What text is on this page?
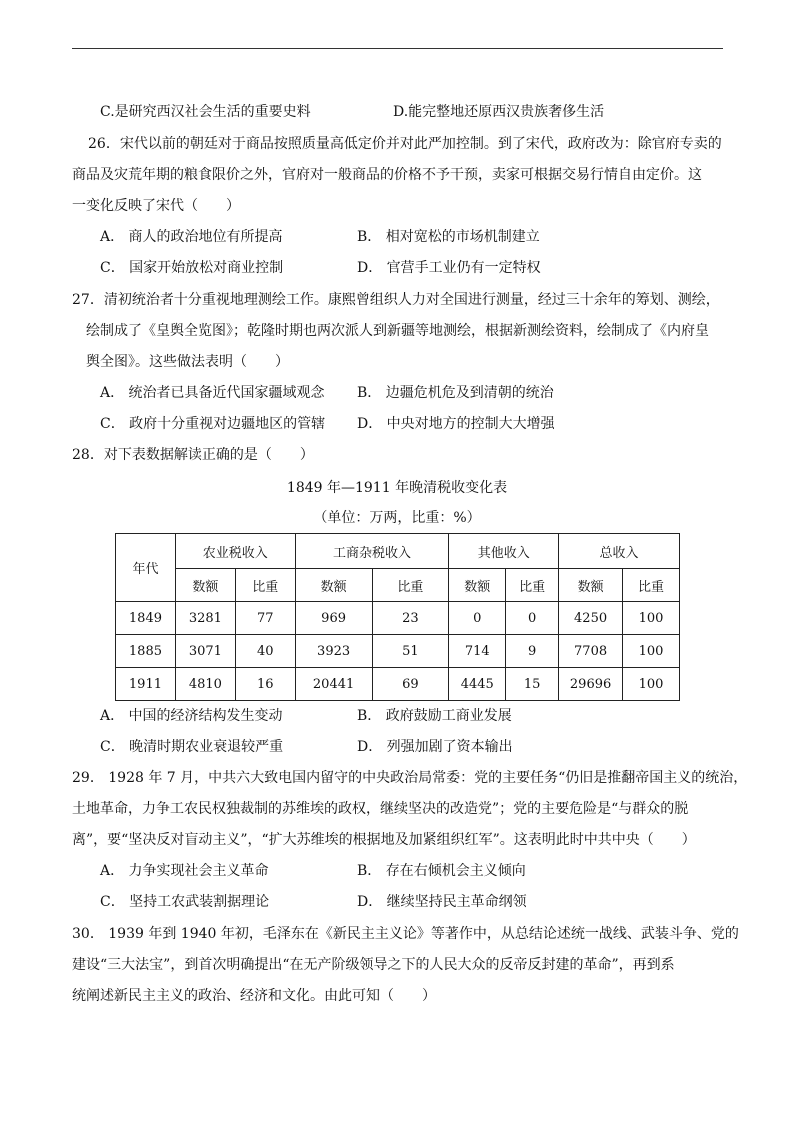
C.是研究西汉社会生活的重要史料	D.能完整地还原西汉贵族奢侈生活
26．宋代以前的朝廷对于商品按照质量高低定价并对此严加控制。到了宋代，政府改为：除官府专卖的
商品及灾荒年期的粮食限价之外，官府对一般商品的价格不予干预，卖家可根据交易行情自由定价。这
一变化反映了宋代（　　）
A． 商人的政治地位有所提高	B． 相对宽松的市场机制建立
C． 国家开始放松对商业控制	D． 官营手工业仍有一定特权
27．清初统治者十分重视地理测绘工作。康熙曾组织人力对全国进行测量，经过三十余年的筹划、测绘，
绘制成了《皇舆全览图》；乾隆时期也两次派人到新疆等地测绘，根据新测绘资料，绘制成了《内府皇
舆全图》。这些做法表明（　　）
A． 统治者已具备近代国家疆域观念 B． 边疆危机危及到清朝的统治
C． 政府十分重视对边疆地区的管辖 D． 中央对地方的控制大大增强
28．对下表数据解读正确的是（　　）
1849 年—1911 年晚清税收变化表
（单位：万两，比重：%）
年代	农业税收入		工商杂税收入		其他收入		总收入	
	数额	比重	数额	比重	数额	比重	数额	比重
1849	3281	77	969	23	0	0	4250	100
1885	3071	40	3923	51	714	9	7708	100
1911	4810	16	20441	69	4445	15	29696	100
A． 中国的经济结构发生变动	B． 政府鼓励工商业发展
C． 晚清时期农业衰退较严重	D． 列强加剧了资本输出
29． 1928 年 7 月，中共六大致电国内留守的中央政治局常委：党的主要任务“仍旧是推翻帝国主义的统治，
土地革命，力争工农民权独裁制的苏维埃的政权，继续坚决的改造党”；党的主要危险是“与群众的脱
离”，要“坚决反对盲动主义”，“扩大苏维埃的根据地及加紧组织红军”。这表明此时中共中央（　　）
A． 力争实现社会主义革命	B． 存在右倾机会主义倾向
C． 坚持工农武装割据理论	D． 继续坚持民主革命纲领
30． 1939 年到 1940 年初，毛泽东在《新民主主义论》等著作中，从总结论述统一战线、武装斗争、党的
建设“三大法宝”，到首次明确提出“在无产阶级领导之下的人民大众的反帝反封建的革命”，再到系
统阐述新民主主义的政治、经济和文化。由此可知（　　）
